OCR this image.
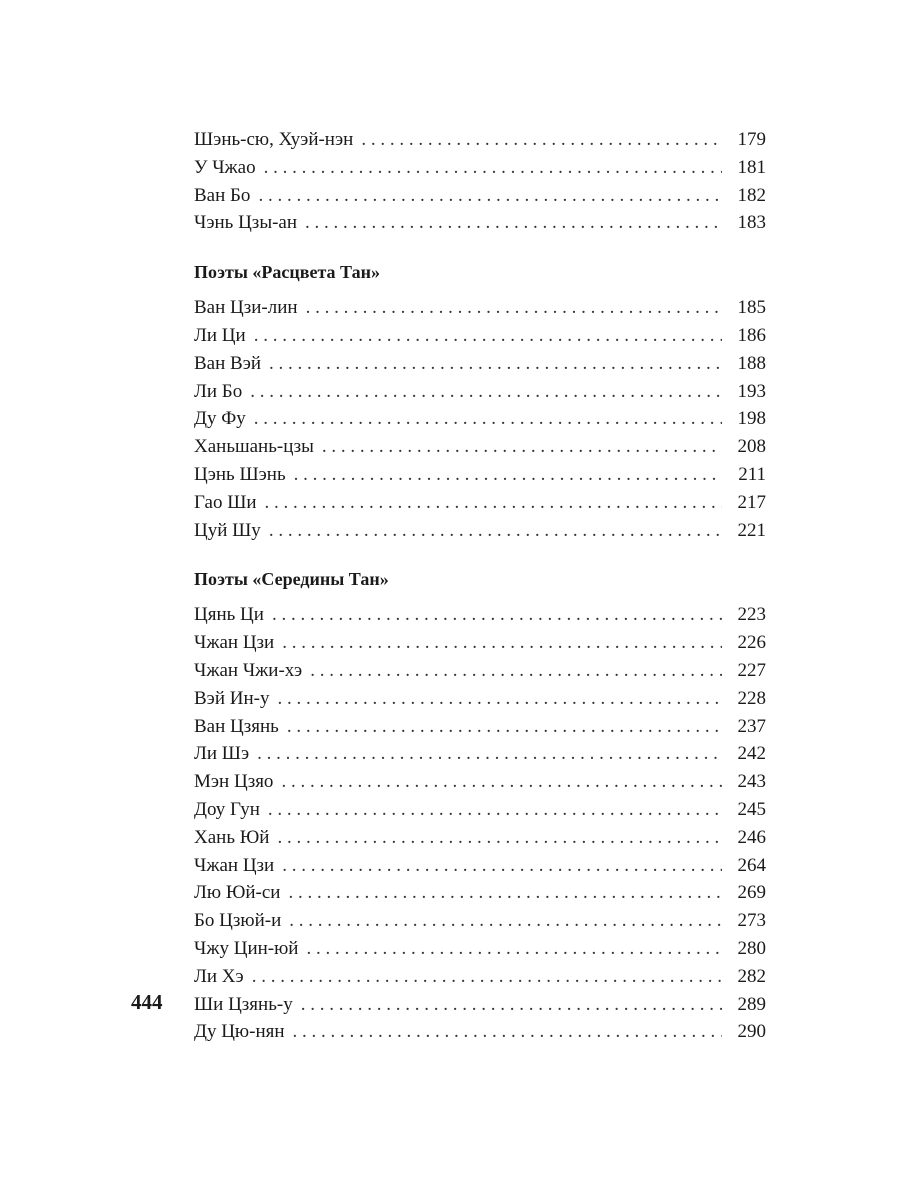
Шэнь-сю, Хуэй-нэн . . .	179
У Чжао . . .	181
Ван Бо . . .	182
Чэнь Цзы-ан . . .	183
Поэты «Расцвета Тан»
Ван Цзи-лин . . .	185
Ли Ци . . .	186
Ван Вэй . . .	188
Ли Бо . . .	193
Ду Фу . . .	198
Ханьшань-цзы . . .	208
Цэнь Шэнь . . .	211
Гао Ши . . .	217
Цуй Шу . . .	221
Поэты «Середины Тан»
Цянь Ци . . .	223
Чжан Цзи . . .	226
Чжан Чжи-хэ . . .	227
Вэй Ин-у . . .	228
Ван Цзянь . . .	237
Ли Шэ . . .	242
Мэн Цзяо . . .	243
Доу Гун . . .	245
Хань Юй . . .	246
Чжан Цзи . . .	264
Лю Юй-си . . .	269
Бо Цзюй-и . . .	273
Чжу Цин-юй . . .	280
Ли Хэ . . .	282
Ши Цзянь-у . . .	289
Ду Цю-нян . . .	290
444
